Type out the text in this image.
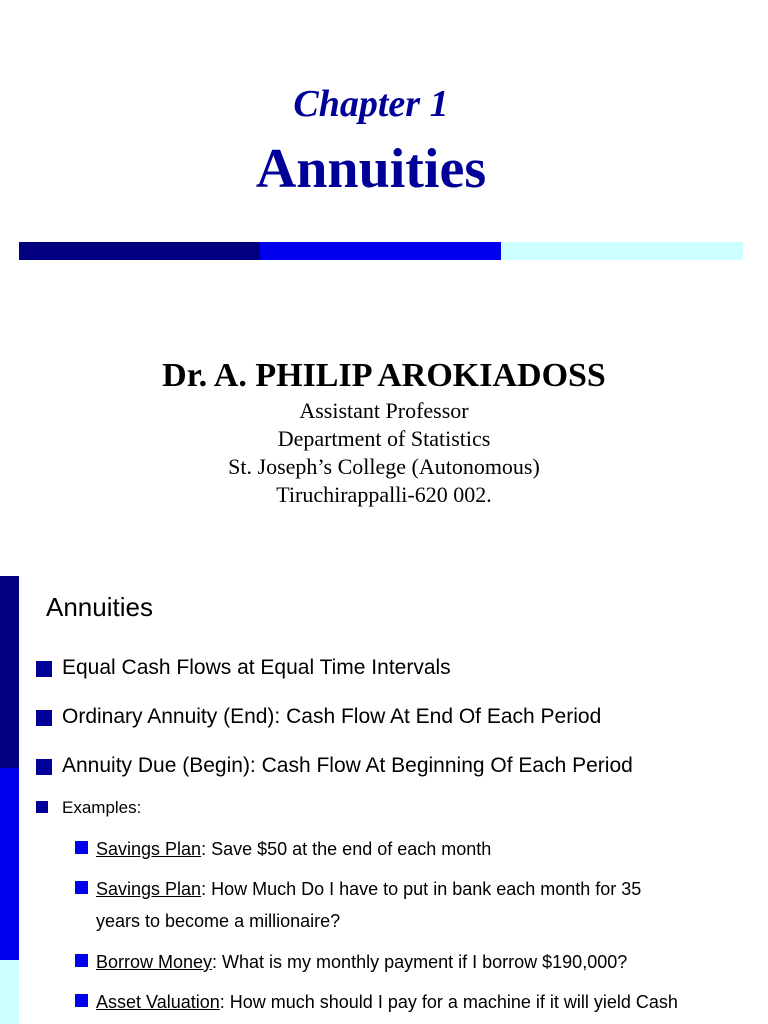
Chapter 1
Annuities
Dr. A. PHILIP AROKIADOSS
Assistant Professor
Department of Statistics
St. Joseph’s College (Autonomous)
Tiruchirappalli-620 002.
Annuities
Equal Cash Flows at Equal Time Intervals
Ordinary Annuity (End): Cash Flow At End Of Each Period
Annuity Due (Begin): Cash Flow At Beginning Of Each Period
Examples:
Savings Plan: Save $50 at the end of each month
Savings Plan: How Much Do I have to put in bank each month for 35
years to become a millionaire?
Borrow Money: What is my monthly payment if I borrow $190,000?
Asset Valuation: How much should I pay for a machine if it will yield Cash
